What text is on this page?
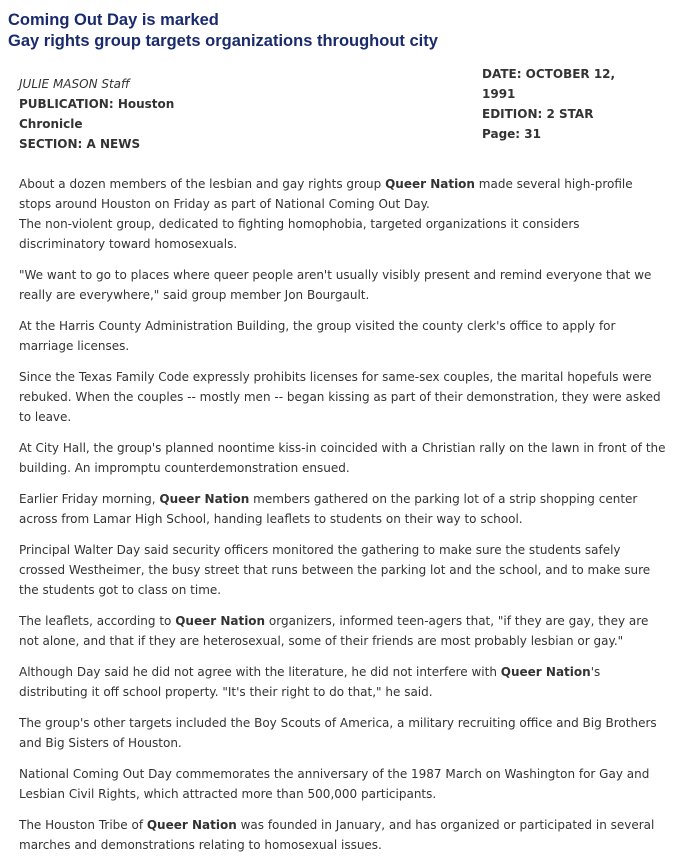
Coming Out Day is marked
Gay rights group targets organizations throughout city
JULIE MASON Staff
PUBLICATION: Houston Chronicle
SECTION: A NEWS
DATE: OCTOBER 12, 1991
EDITION: 2 STAR
Page: 31

About a dozen members of the lesbian and gay rights group Queer Nation made several high-profile stops around Houston on Friday as part of National Coming Out Day.
The non-violent group, dedicated to fighting homophobia, targeted organizations it considers discriminatory toward homosexuals.

"We want to go to places where queer people aren't usually visibly present and remind everyone that we really are everywhere," said group member Jon Bourgault.

At the Harris County Administration Building, the group visited the county clerk's office to apply for marriage licenses.

Since the Texas Family Code expressly prohibits licenses for same-sex couples, the marital hopefuls were rebuked. When the couples -- mostly men -- began kissing as part of their demonstration, they were asked to leave.

At City Hall, the group's planned noontime kiss-in coincided with a Christian rally on the lawn in front of the building. An impromptu counterdemonstration ensued.

Earlier Friday morning, Queer Nation members gathered on the parking lot of a strip shopping center across from Lamar High School, handing leaflets to students on their way to school.

Principal Walter Day said security officers monitored the gathering to make sure the students safely crossed Westheimer, the busy street that runs between the parking lot and the school, and to make sure the students got to class on time.

The leaflets, according to Queer Nation organizers, informed teen-agers that, "if they are gay, they are not alone, and that if they are heterosexual, some of their friends are most probably lesbian or gay."

Although Day said he did not agree with the literature, he did not interfere with Queer Nation's distributing it off school property. "It's their right to do that," he said.

The group's other targets included the Boy Scouts of America, a military recruiting office and Big Brothers and Big Sisters of Houston.

National Coming Out Day commemorates the anniversary of the 1987 March on Washington for Gay and Lesbian Civil Rights, which attracted more than 500,000 participants.

The Houston Tribe of Queer Nation was founded in January, and has organized or participated in several marches and demonstrations relating to homosexual issues.
